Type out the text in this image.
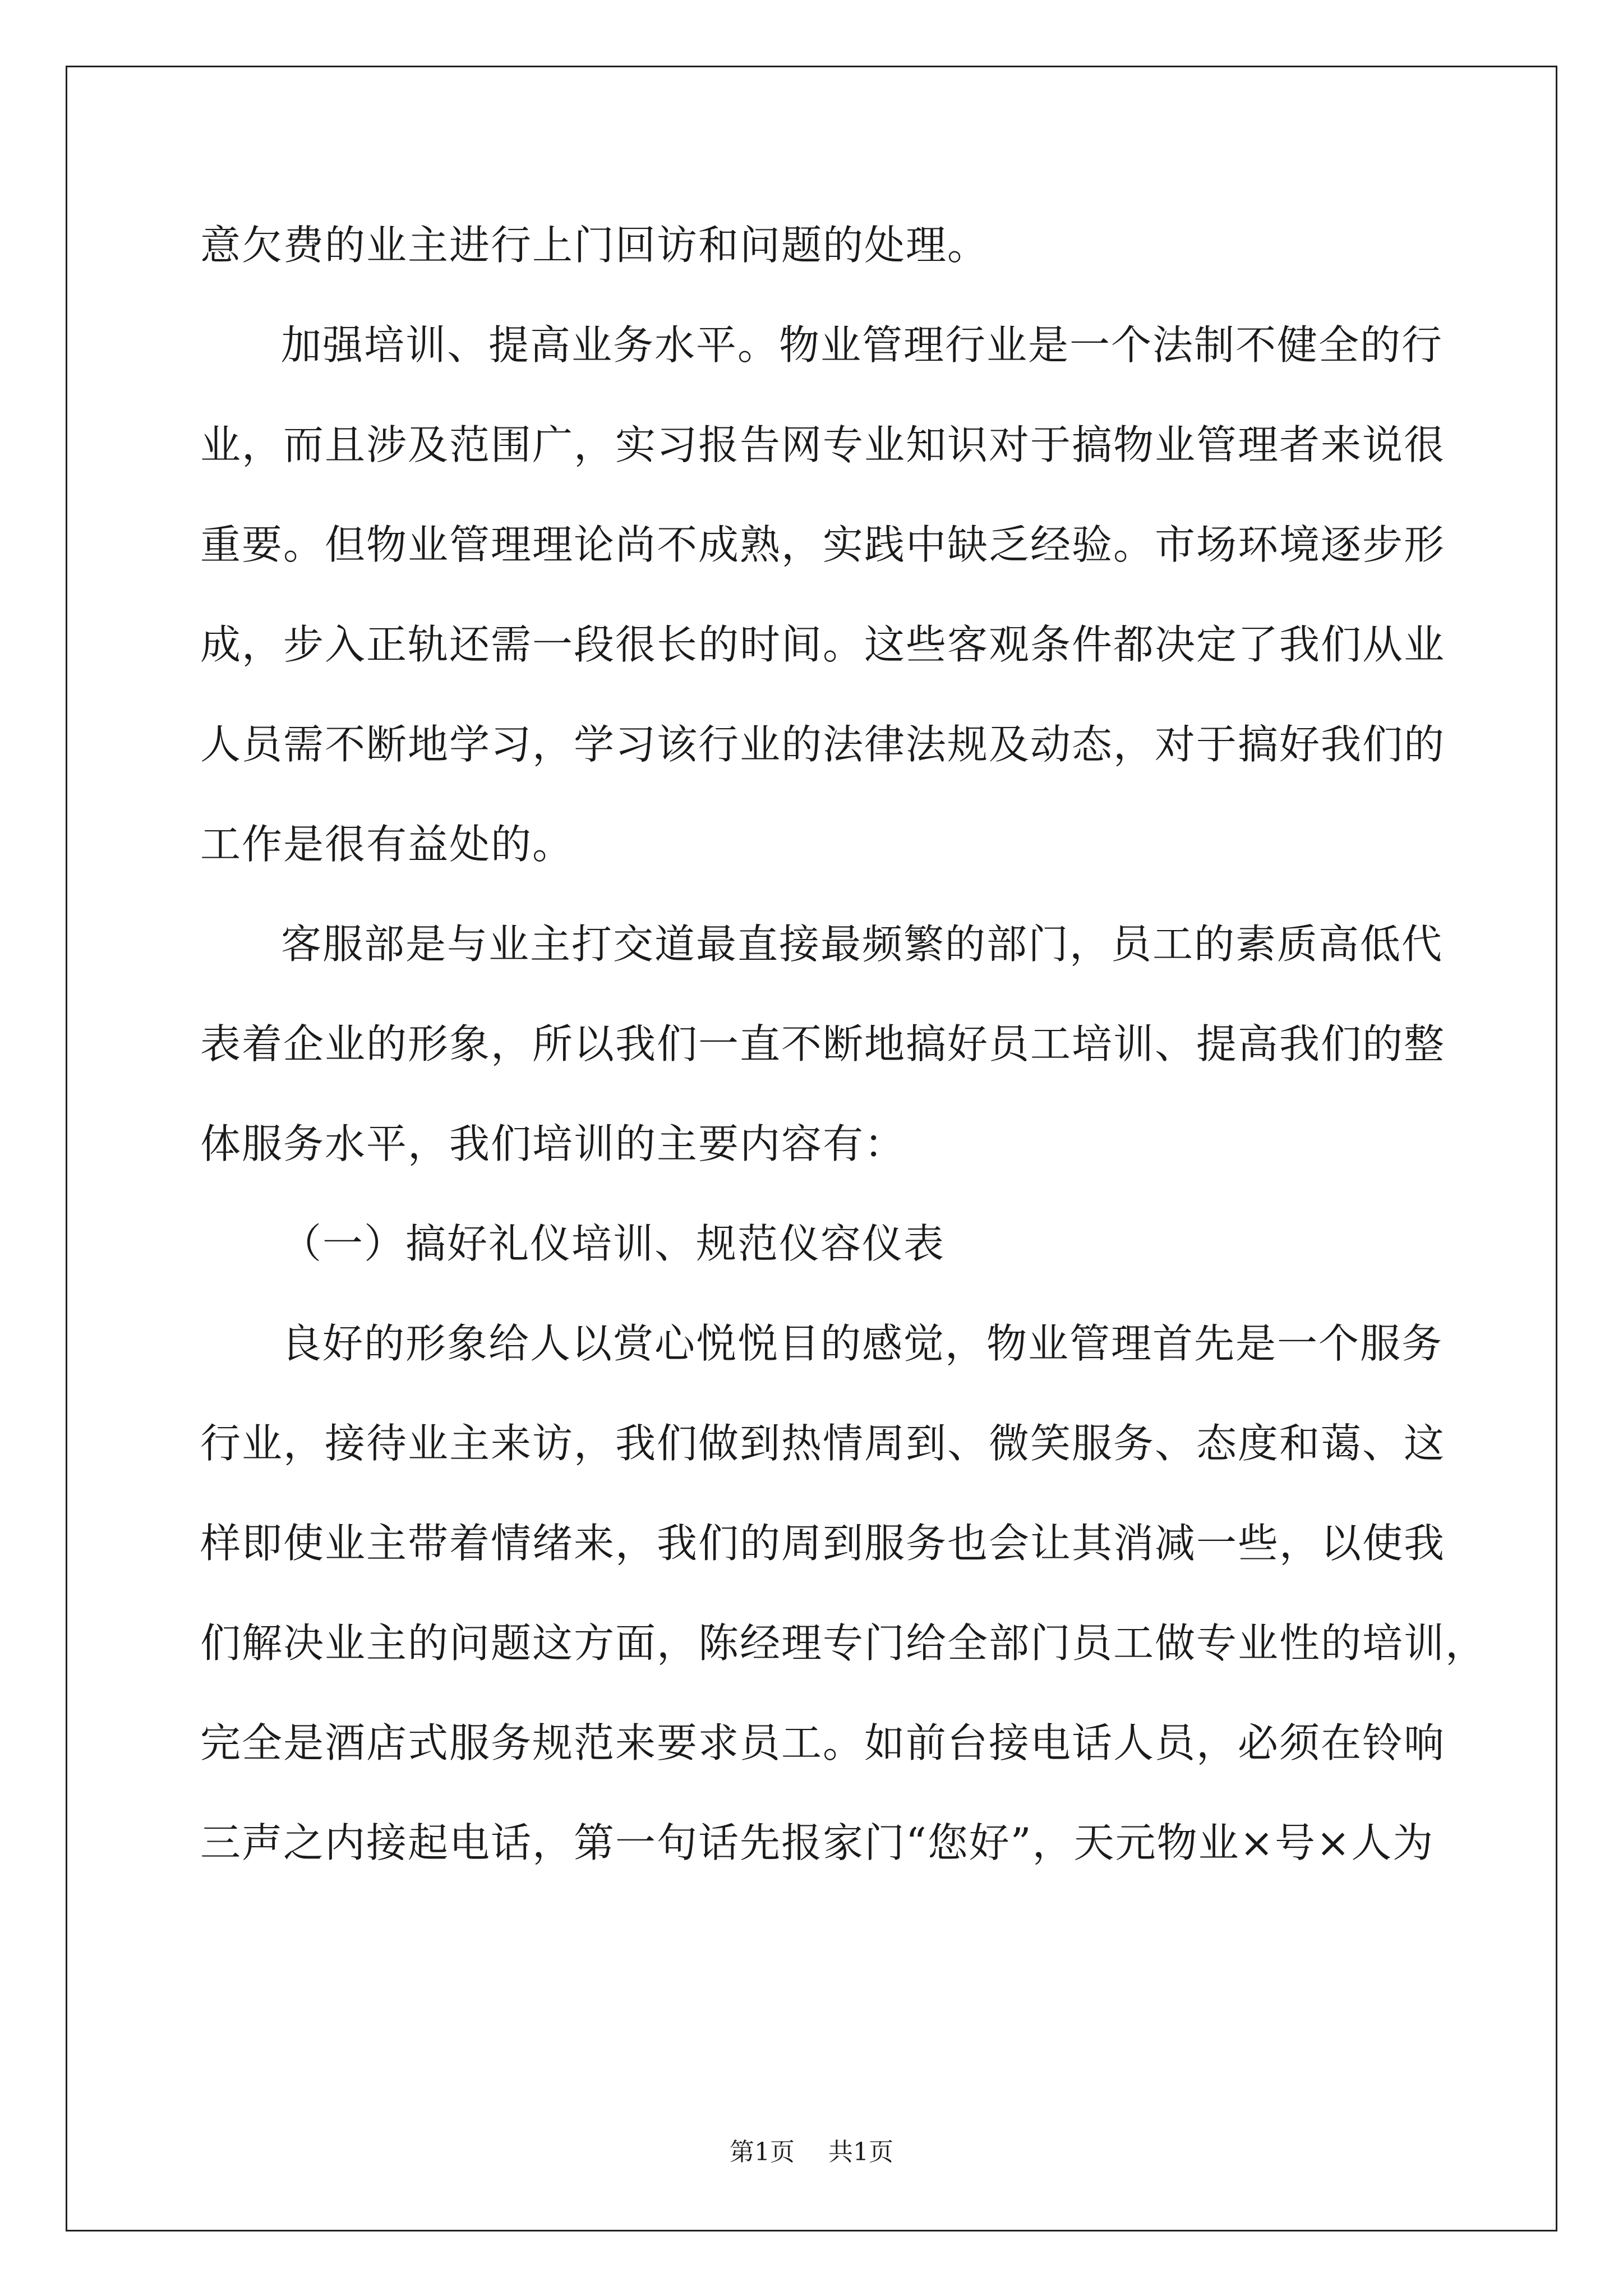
意欠费的业主进行上门回访和问题的处理。
加强培训、提高业务水平。物业管理行业是一个法制不健全的行
业，而且涉及范围广，实习报告网专业知识对于搞物业管理者来说很
重要。但物业管理理论尚不成熟，实践中缺乏经验。市场环境逐步形
成，步入正轨还需一段很长的时间。这些客观条件都决定了我们从业
人员需不断地学习，学习该行业的法律法规及动态，对于搞好我们的
工作是很有益处的。
客服部是与业主打交道最直接最频繁的部门，员工的素质高低代
表着企业的形象，所以我们一直不断地搞好员工培训、提高我们的整
体服务水平，我们培训的主要内容有：
（一）搞好礼仪培训、规范仪容仪表
良好的形象给人以赏心悦悦目的感觉，物业管理首先是一个服务
行业，接待业主来访，我们做到热情周到、微笑服务、态度和蔼、这
样即使业主带着情绪来，我们的周到服务也会让其消减一些，以使我
们解决业主的问题这方面，陈经理专门给全部门员工做专业性的培训，
完全是酒店式服务规范来要求员工。如前台接电话人员，必须在铃响
三声之内接起电话，第一句话先报家门“您好”，天元物业×号×人为
第1页 共1页
